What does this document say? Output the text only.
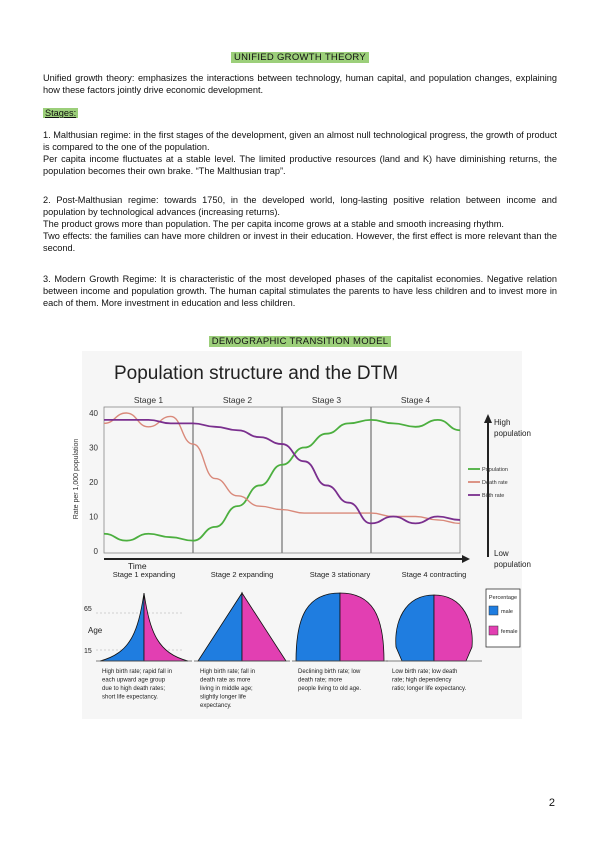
UNIFIED GROWTH THEORY

Unified growth theory: emphasizes the interactions between technology, human capital, and population changes, explaining how these factors jointly drive economic development.

Stages:

1. Malthusian regime: in the first stages of the development, given an almost null technological progress, the growth of product is compared to the one of the population.

Per capita income fluctuates at a stable level. The limited productive resources (land and K) have diminishing returns, the population becomes their own brake. “The Malthusian trap”.

2. Post-Malthusian regime: towards 1750, in the developed world, long-lasting positive relation between income and population by technological advances (increasing returns).

The product grows more than population. The per capita income grows at a stable and smooth increasing rhythm.

Two effects: the families can have more children or invest in their education. However, the first effect is more relevant than the second.

3. Modern Growth Regime: It is characteristic of the most developed phases of the capitalist economies. Negative relation between income and population growth. The human capital stimulates the parents to have less children and to invest more in each of them. More investment in education and less children.

DEMOGRAPHIC TRANSITION MODEL
Population structure and the DTM
Stage 1	Stage 2	Stage 3	Stage 4
0
10
20
30
40
Rate per 1,000 population
Time
High
population
Low
population
Population
Death rate
Birth rate
Age
65
15
Stage 1 expanding
High birth rate; rapid fall in
each upward age group
due to high death rates;
short life expectancy.
Stage 2 expanding
High birth rate; fall in
death rate as more
living in middle age;
slightly longer life
expectancy.
Stage 3 stationary
Declining birth rate; low
death rate; more
people living to old age.
Stage 4 contracting
Low birth rate; low death
rate; high dependency
ratio; longer life expectancy.
Percentage
male
female
2
